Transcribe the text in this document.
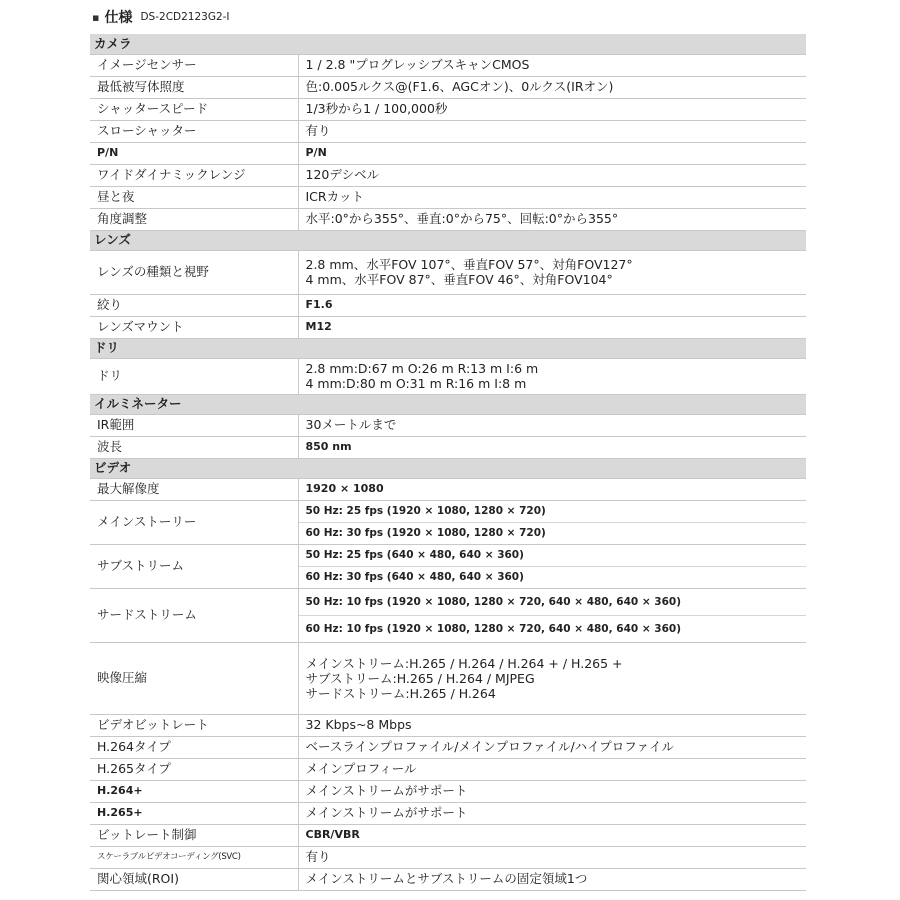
▪ 仕様 DS-2CD2123G2-I
カメラ	
イメージセンサー	1 / 2.8 "プログレッシブスキャンCMOS
最低被写体照度	色:0.005ルクス@(F1.6、AGCオン)、0ルクス(IRオン)
シャッタースピード	1/3秒から1 / 100,000秒
スローシャッター	有り
P/N	P/N
ワイドダイナミックレンジ	120デシベル
昼と夜	ICRカット
角度調整	水平:0°から355°、垂直:0°から75°、回転:0°から355°
レンズ	
レンズの種類と視野	2.8 mm、水平FOV 107°、垂直FOV 57°、対角FOV127°
4 mm、水平FOV 87°、垂直FOV 46°、対角FOV104°

絞り	F1.6
レンズマウント	M12
ドリ	
ドリ	2.8 mm:D:67 m O:26 m R:13 m I:6 m
4 mm:D:80 m O:31 m R:16 m I:8 m

イルミネーター	
IR範囲	30メートルまで
波長	850 nm
ビデオ	
最大解像度	1920 × 1080
メインストーリー	50 Hz: 25 fps (1920 × 1080, 1280 × 720)
60 Hz: 30 fps (1920 × 1080, 1280 × 720)

サブストリーム	50 Hz: 25 fps (640 × 480, 640 × 360)
60 Hz: 30 fps (640 × 480, 640 × 360)

サードストリーム	50 Hz: 10 fps (1920 × 1080, 1280 × 720, 640 × 480, 640 × 360)
60 Hz: 10 fps (1920 × 1080, 1280 × 720, 640 × 480, 640 × 360)

映像圧縮	メインストリーム:H.265 / H.264 / H.264 + / H.265 +
サブストリーム:H.265 / H.264 / MJPEG
サードストリーム:H.265 / H.264

ビデオビットレート	32 Kbps~8 Mbps
H.264タイプ	ベースラインプロファイル/メインプロファイル/ハイプロファイル
H.265タイプ	メインプロフィール
H.264+	メインストリームがサポート
H.265+	メインストリームがサポート
ビットレート制御	CBR/VBR
スケーラブルビデオコーディング(SVC)	有り
関心領域(ROI)	メインストリームとサブストリームの固定領域1つ
